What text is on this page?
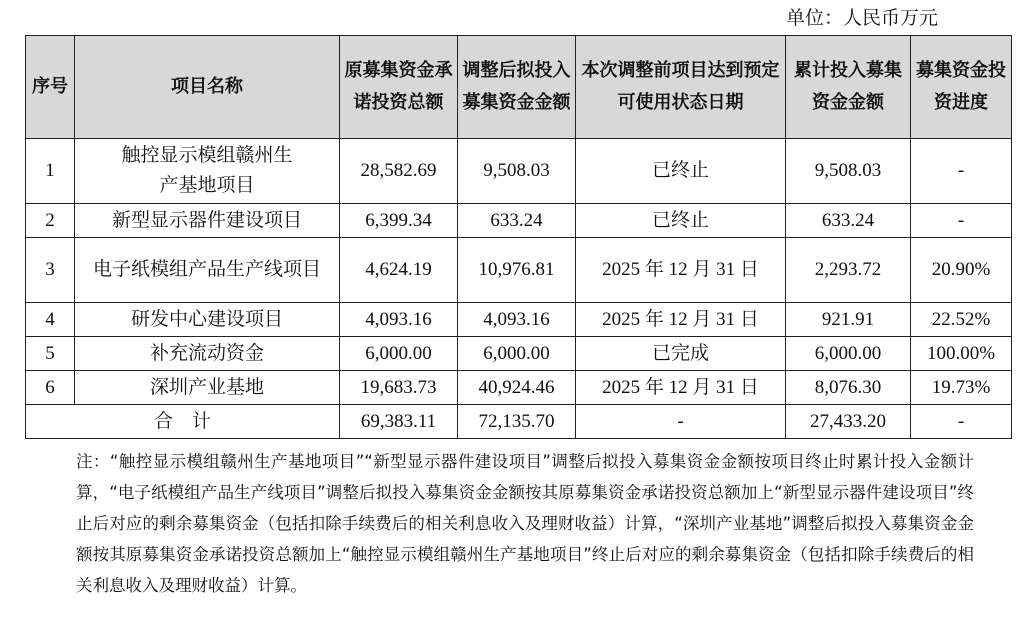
单位：人民币万元
序号	项目名称	原募集资金承诺投资总额	调整后拟投入募集资金金额	本次调整前项目达到预定可使用状态日期	累计投入募集资金金额	募集资金投资进度
1	触控显示模组赣州生产基地项目	28,582.69	9,508.03	已终止	9,508.03	-
2	新型显示器件建设项目	6,399.34	633.24	已终止	633.24	-
3	电子纸模组产品生产线项目	4,624.19	10,976.81	2025 年 12 月 31 日	2,293.72	20.90%
4	研发中心建设项目	4,093.16	4,093.16	2025 年 12 月 31 日	921.91	22.52%
5	补充流动资金	6,000.00	6,000.00	已完成	6,000.00	100.00%
6	深圳产业基地	19,683.73	40,924.46	2025 年 12 月 31 日	8,076.30	19.73%
合　计		69,383.11	72,135.70	-	27,433.20	-
注：“触控显示模组赣州生产基地项目”“新型显示器件建设项目”调整后拟投入募集资金金额按项目终止时累计投入金额计算，“电子纸模组产品生产线项目”调整后拟投入募集资金金额按其原募集资金承诺投资总额加上“新型显示器件建设项目”终止后对应的剩余募集资金（包括扣除手续费后的相关利息收入及理财收益）计算，“深圳产业基地”调整后拟投入募集资金金额按其原募集资金承诺投资总额加上“触控显示模组赣州生产基地项目”终止后对应的剩余募集资金（包括扣除手续费后的相关利息收入及理财收益）计算。
